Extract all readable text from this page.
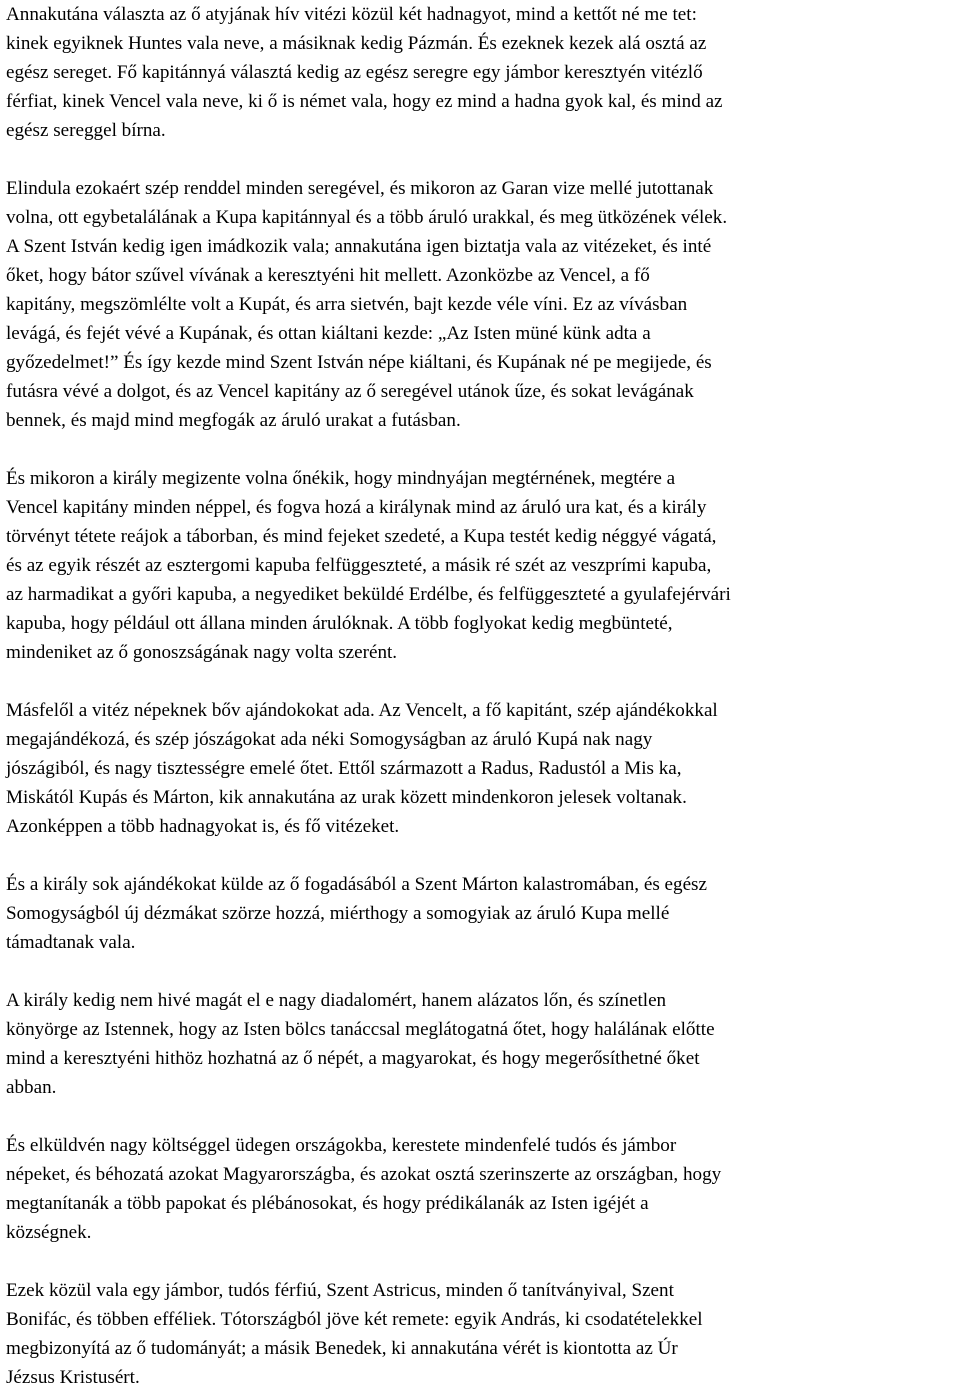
Annakutána választa az ő atyjának hív vitézi közül két hadnagyot, mind a kettőt né me tet:
kinek egyiknek Huntes vala neve, a másiknak kedig Pázmán. És ezeknek kezek alá osztá az
egész sereget. Fő kapitánnyá választá kedig az egész seregre egy jámbor keresztyén vitézlő
férfiat, kinek Vencel vala neve, ki ő is német vala, hogy ez mind a hadna gyok kal, és mind az
egész sereggel bírna.
Elindula ezokaért szép renddel minden seregével, és mikoron az Garan vize mellé jutottanak
volna, ott egybetalálának a Kupa kapitánnyal és a több áruló urakkal, és meg ütközének vélek.
A Szent István kedig igen imádkozik vala; annakutána igen biztatja vala az vitézeket, és inté
őket, hogy bátor szűvel vívának a keresztyéni hit mellett. Azonközbe az Vencel, a fő
kapitány, megszömlélte volt a Kupát, és arra sietvén, bajt kezde véle víni. Ez az vívásban
levágá, és fejét vévé a Kupának, és ottan kiáltani kezde: „Az Isten müné künk adta a
győzedelmet!” És így kezde mind Szent István népe kiáltani, és Kupának né pe megijede, és
futásra vévé a dolgot, és az Vencel kapitány az ő seregével utánok űze, és sokat levágának
bennek, és majd mind megfogák az áruló urakat a futásban.
És mikoron a király megizente volna őnékik, hogy mindnyájan megtérnének, megtére a
Vencel kapitány minden néppel, és fogva hozá a királynak mind az áruló ura kat, és a király
törvényt tétete reájok a táborban, és mind fejeket szedeté, a Kupa testét kedig néggyé vágatá,
és az egyik részét az esztergomi kapuba felfüggeszteté, a másik ré szét az veszprími kapuba,
az harmadikat a győri kapuba, a negyediket beküldé Erdélbe, és felfüggeszteté a gyulafejérvári
kapuba, hogy például ott állana minden árulóknak. A több foglyokat kedig megbünteté,
mindeniket az ő gonoszságának nagy volta szerént.
Másfelől a vitéz népeknek bőv ajándokokat ada. Az Vencelt, a fő kapitánt, szép ajándékokkal
megajándékozá, és szép jószágokat ada néki Somogyságban az áruló Kupá nak nagy
jószágiból, és nagy tisztességre emelé őtet. Ettől származott a Radus, Radustól a Mis ka,
Miskától Kupás és Márton, kik annakutána az urak közett mindenkoron jelesek voltanak.
Azonképpen a több hadnagyokat is, és fő vitézeket.
És a király sok ajándékokat külde az ő fogadásából a Szent Márton kalastromában, és egész
Somogyságból új dézmákat szörze hozzá, miérthogy a somogyiak az áruló Kupa mellé
támadtanak vala.
A király kedig nem hivé magát el e nagy diadalomért, hanem alázatos lőn, és színetlen
könyörge az Istennek, hogy az Isten bölcs tanáccsal meglátogatná őtet, hogy halálának előtte
mind a keresztyéni hithöz hozhatná az ő népét, a magyarokat, és hogy megerősíthetné őket
abban.
És elküldvén nagy költséggel üdegen országokba, kerestete mindenfelé tudós és jámbor
népeket, és béhozatá azokat Magyarországba, és azokat osztá szerinszerte az országban, hogy
megtanítanák a több papokat és plébánosokat, és hogy prédikálanák az Isten igéjét a
községnek.
Ezek közül vala egy jámbor, tudós férfiú, Szent Astricus, minden ő tanítványival, Szent
Bonifác, és többen efféliek. Tótországból jöve két remete: egyik András, ki csodatételekkel
megbizonyítá az ő tudományát; a másik Benedek, ki annakutána vérét is kiontotta az Úr
Jézsus Kristusért.
